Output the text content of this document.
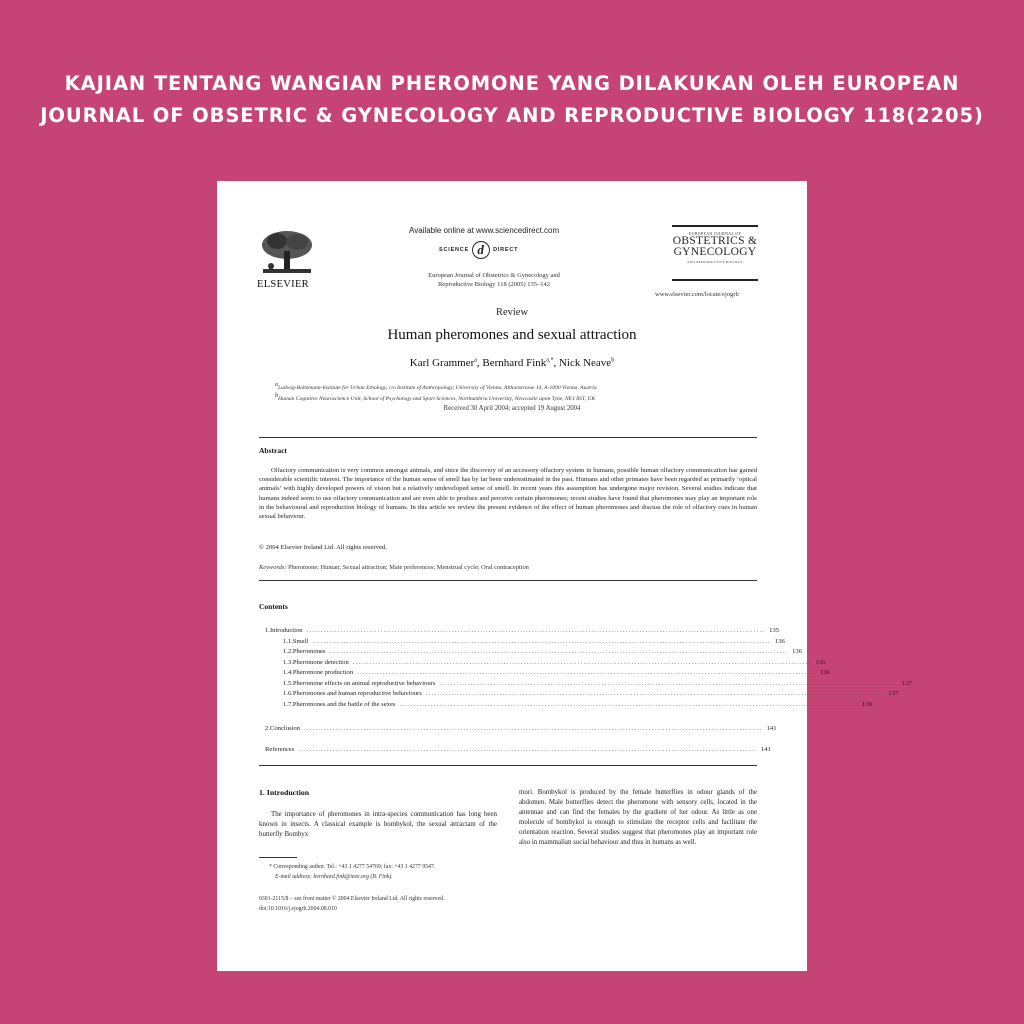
KAJIAN TENTANG WANGIAN PHEROMONE YANG DILAKUKAN OLEH EUROPEAN
JOURNAL OF OBSETRIC & GYNECOLOGY AND REPRODUCTIVE BIOLOGY 118(2205)
ELSEVIER
Available online at www.sciencedirect.com
SCIENCE d	DIRECT
European Journal of Obstetrics & Gynecology and
Reproductive Biology 118 (2005) 135–142
EUROPEAN JOURNAL OF
OBSTETRICS &
GYNECOLOGY
AND REPRODUCTIVE BIOLOGY
www.elsevier.com/locate/ejogrb
Review
Human pheromones and sexual attraction
Karl Grammer$^a$, Bernhard Fink$^{a,*}$, Nick Neave$^b$
$^a$Ludwig-Boltzmann-Institute for Urban Ethology, c/o Institute of Anthropology, University of Vienna, Althanstrasse 14, A-1090 Vienna, Austria
$^b$Human Cognitive Neuroscience Unit, School of Psychology and Sport Sciences, Northumbria University, Newcastle upon Tyne, NE1 8ST, UK
Received 30 April 2004; accepted 19 August 2004
Abstract
Olfactory communication is very common amongst animals, and since the discovery of an accessory olfactory system in humans, possible human olfactory communication has gained considerable scientific interest. The importance of the human sense of smell has by far been underestimated in the past. Humans and other primates have been regarded as primarily ‘optical animals’ with highly developed powers of vision but a relatively undeveloped sense of smell. In recent years this assumption has undergone major revision. Several studies indicate that humans indeed seem to use olfactory communication and are even able to produce and perceive certain pheromones; recent studies have found that pheromones may play an important role in the behavioural and reproduction biology of humans. In this article we review the present evidence of the effect of human pheromones and discuss the role of olfactory cues in human sexual behaviour.
© 2004 Elsevier Ireland Ltd. All rights reserved.
Keywords: Pheromone; Human; Sexual attraction; Mate preferences; Menstrual cycle; Oral contraception
Contents
1. Introduction ................................................................................................................................................................. 135
1.1. Smell ................................................................................................................................................................. 136
1.2. Pheromones ................................................................................................................................................................. 136
1.3. Pheromone detection ................................................................................................................................................................. 136
1.4. Pheromone production ................................................................................................................................................................. 136
1.5. Pheromone effects on animal reproductive behaviours ................................................................................................................................................................. 137
1.6. Pheromones and human reproductive behaviours ................................................................................................................................................................. 137
1.7. Pheromones and the battle of the sexes ................................................................................................................................................................. 139
2. Conclusion ................................................................................................................................................................. 141
References ................................................................................................................................................................. 141
1. Introduction
The importance of pheromones in intra-species communication has long been known in insects. A classical example is bombykol, the sexual attractant of the butterfly Bombyx
mori. Bombykol is produced by the female butterflies in odour glands of the abdomen. Male butterflies detect the pheromone with sensory cells, located in the antennae and can find the females by the gradient of her odour. As little as one molecule of bombykol is enough to stimulate the receptor cells and facilitate the orientation reaction. Several studies suggest that pheromones play an important role also in mammalian social behaviour and thus in humans as well.
* Corresponding author. Tel.: +43 1 4277 54769; fax: +43 1 4277 9547.
E-mail address: bernhard.fink@ieee.org (B. Fink).
0301-2115/$ – see front matter © 2004 Elsevier Ireland Ltd. All rights reserved.
doi:10.1016/j.ejogrb.2004.08.010
